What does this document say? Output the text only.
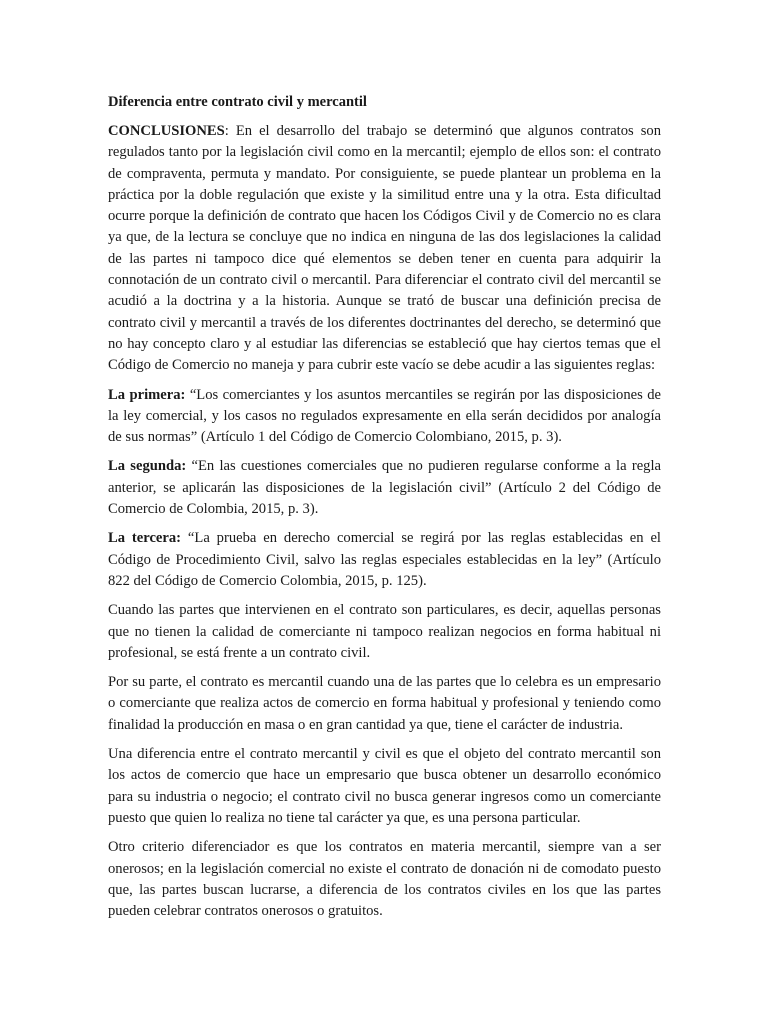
Diferencia entre contrato civil y mercantil

CONCLUSIONES: En el desarrollo del trabajo se determinó que algunos contratos son regulados tanto por la legislación civil como en la mercantil; ejemplo de ellos son: el contrato de compraventa, permuta y mandato. Por consiguiente, se puede plantear un problema en la práctica por la doble regulación que existe y la similitud entre una y la otra. Esta dificultad ocurre porque la definición de contrato que hacen los Códigos Civil y de Comercio no es clara ya que, de la lectura se concluye que no indica en ninguna de las dos legislaciones la calidad de las partes ni tampoco dice qué elementos se deben tener en cuenta para adquirir la connotación de un contrato civil o mercantil. Para diferenciar el contrato civil del mercantil se acudió a la doctrina y a la historia. Aunque se trató de buscar una definición precisa de contrato civil y mercantil a través de los diferentes doctrinantes del derecho, se determinó que no hay concepto claro y al estudiar las diferencias se estableció que hay ciertos temas que el Código de Comercio no maneja y para cubrir este vacío se debe acudir a las siguientes reglas:

La primera: “Los comerciantes y los asuntos mercantiles se regirán por las disposiciones de la ley comercial, y los casos no regulados expresamente en ella serán decididos por analogía de sus normas” (Artículo 1 del Código de Comercio Colombiano, 2015, p. 3).

La segunda: “En las cuestiones comerciales que no pudieren regularse conforme a la regla anterior, se aplicarán las disposiciones de la legislación civil” (Artículo 2 del Código de Comercio de Colombia, 2015, p. 3).

La tercera: “La prueba en derecho comercial se regirá por las reglas establecidas en el Código de Procedimiento Civil, salvo las reglas especiales establecidas en la ley” (Artículo 822 del Código de Comercio Colombia, 2015, p. 125).

Cuando las partes que intervienen en el contrato son particulares, es decir, aquellas personas que no tienen la calidad de comerciante ni tampoco realizan negocios en forma habitual ni profesional, se está frente a un contrato civil.

Por su parte, el contrato es mercantil cuando una de las partes que lo celebra es un empresario o comerciante que realiza actos de comercio en forma habitual y profesional y teniendo como finalidad la producción en masa o en gran cantidad ya que, tiene el carácter de industria.

Una diferencia entre el contrato mercantil y civil es que el objeto del contrato mercantil son los actos de comercio que hace un empresario que busca obtener un desarrollo económico para su industria o negocio; el contrato civil no busca generar ingresos como un comerciante puesto que quien lo realiza no tiene tal carácter ya que, es una persona particular.

Otro criterio diferenciador es que los contratos en materia mercantil, siempre van a ser onerosos; en la legislación comercial no existe el contrato de donación ni de comodato puesto que, las partes buscan lucrarse, a diferencia de los contratos civiles en los que las partes pueden celebrar contratos onerosos o gratuitos.
